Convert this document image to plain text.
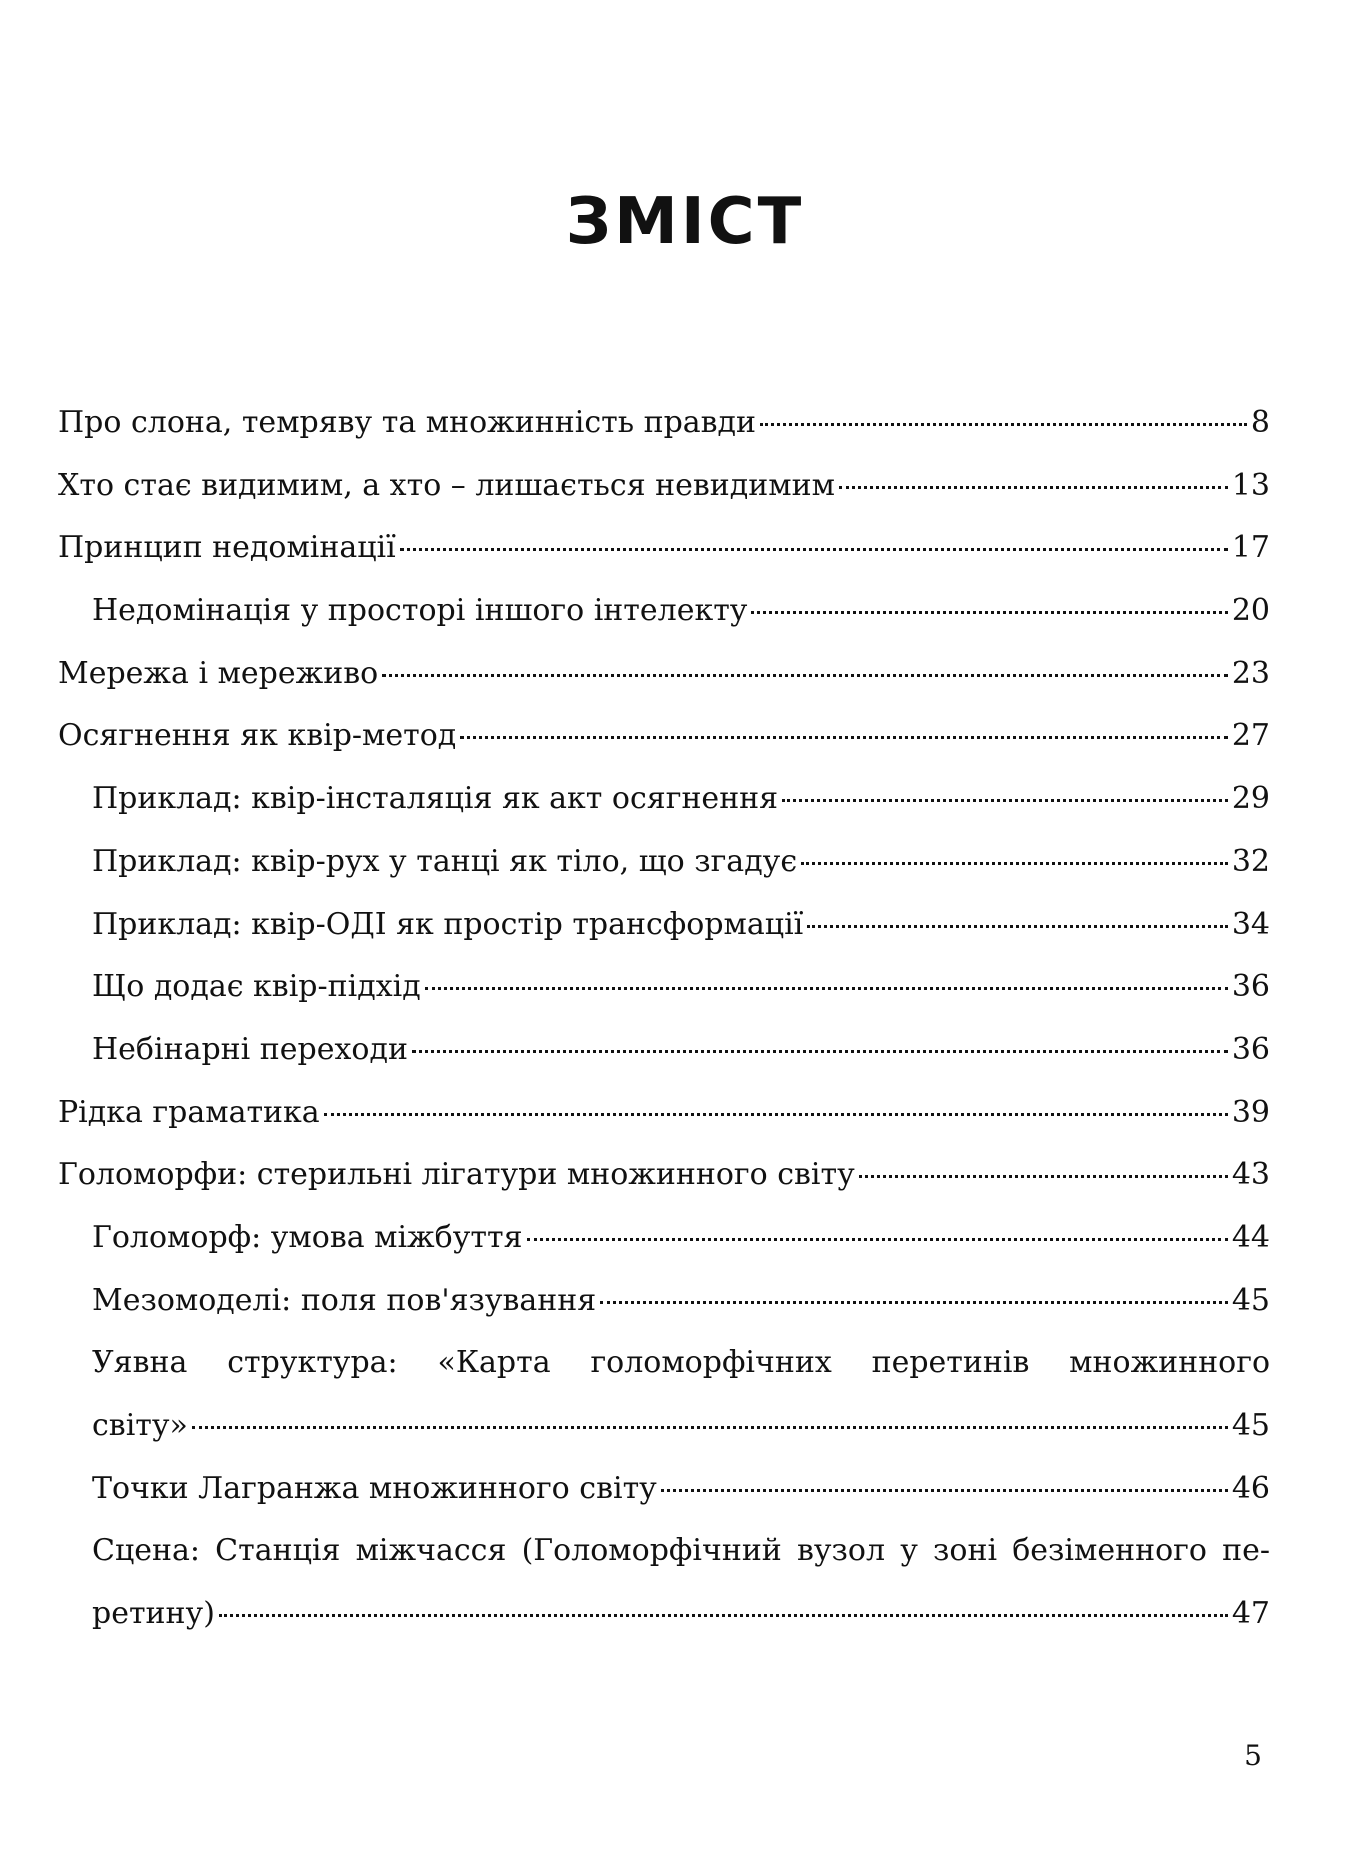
ЗМІСТ
Про слона, темряву та множинність правди	8
Хто стає видимим, а хто – лишається невидимим	13
Принцип недомінації	17
Недомінація у просторі іншого інтелекту	20
Мережа і мереживо	23
Осягнення як квір-метод	27
Приклад: квір-інсталяція як акт осягнення	29
Приклад: квір-рух у танці як тіло, що згадує	32
Приклад: квір-ОДІ як простір трансформації	34
Що додає квір-підхід	36
Небінарні переходи	36
Рідка граматика	39
Голоморфи: стерильні лігатури множинного світу	43
Голоморф: умова міжбуття	44
Мезомоделі: поля пов'язування	45
Уявна структура: «Карта голоморфічних перетинів множинного
світу»	45
Точки Лагранжа множинного світу	46
Сцена: Станція міжчасся (Голоморфічний вузол у зоні безіменного пе-
ретину)	47
5
